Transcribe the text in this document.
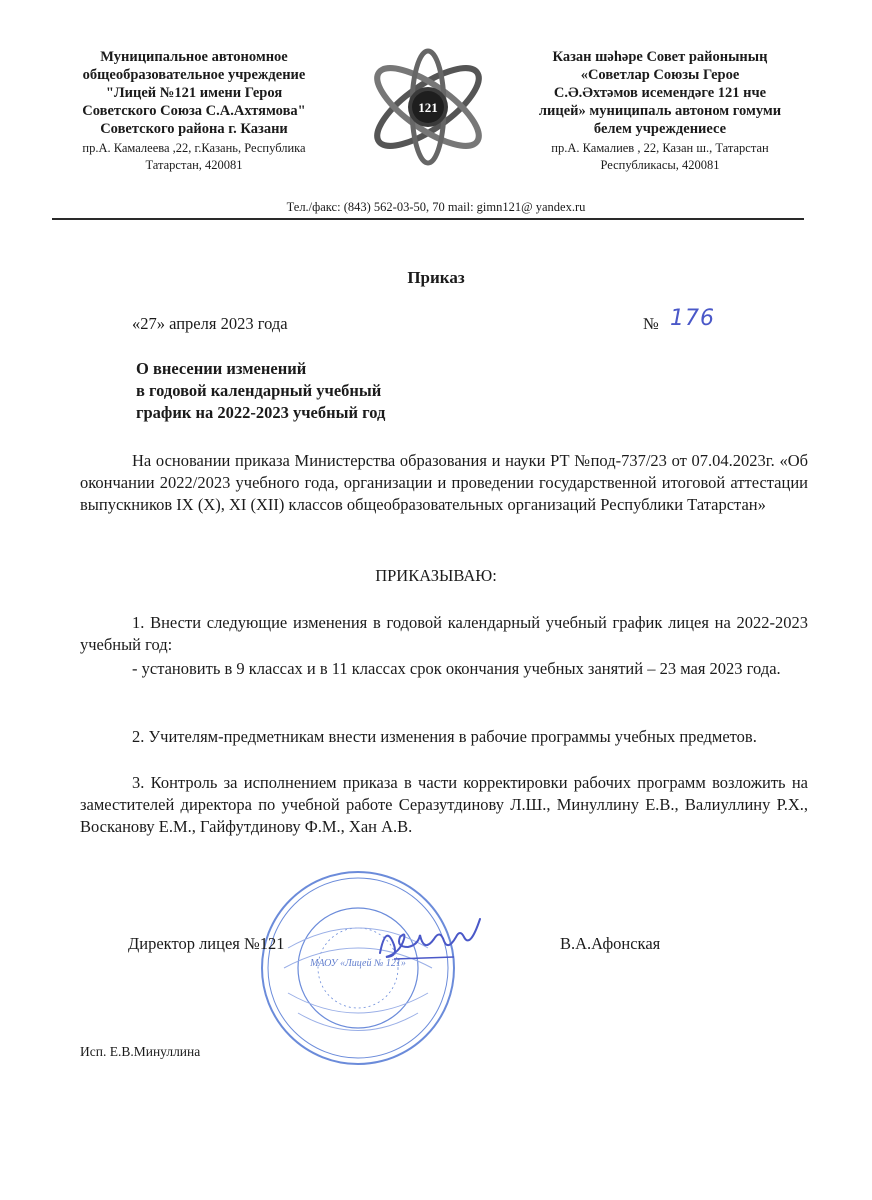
Муниципальное автономное
общеобразовательное учреждение
"Лицей №121 имени Героя
Советского Союза С.А.Ахтямова"
Советского района г. Казани
пр.А. Камалеева ,22, г.Казань, Республика
Татарстан, 420081
121
Казан шәһәре Совет районының
«Советлар Союзы Герое
С.Ә.Әхтәмов исемендәге 121 нче
лицей» муниципаль автоном гомуми
белем учреждениесе
пр.А. Камалиев , 22, Казан ш., Татарстан
Республикасы, 420081
Тел./факс: (843) 562-03-50, 70 mail: gimn121@ yandex.ru
Приказ
«27» апреля 2023 года	№ 176
О внесении изменений
в годовой календарный учебный
график на 2022-2023 учебный год
На основании приказа Министерства образования и науки РТ №под-737/23 от 07.04.2023г. «Об окончании 2022/2023 учебного года, организации и проведении государственной итоговой аттестации выпускников IX (X), XI (XII) классов общеобразовательных организаций Республики Татарстан»
ПРИКАЗЫВАЮ:
1. Внести следующие изменения в годовой календарный учебный график лицея на 2022-2023 учебный год:
- установить в 9 классах и в 11 классах срок окончания учебных занятий – 23 мая 2023 года.
2. Учителям-предметникам внести изменения в рабочие программы учебных предметов.
3. Контроль за исполнением приказа в части корректировки рабочих программ возложить на заместителей директора по учебной работе Серазутдинову Л.Ш., Минуллину Е.В., Валиуллину Р.Х., Восканову Е.М., Гайфутдинову Ф.М., Хан А.В.
МАОУ «Лицей № 121»
Директор лицея №121	В.А.Афонская
Исп. Е.В.Минуллина
